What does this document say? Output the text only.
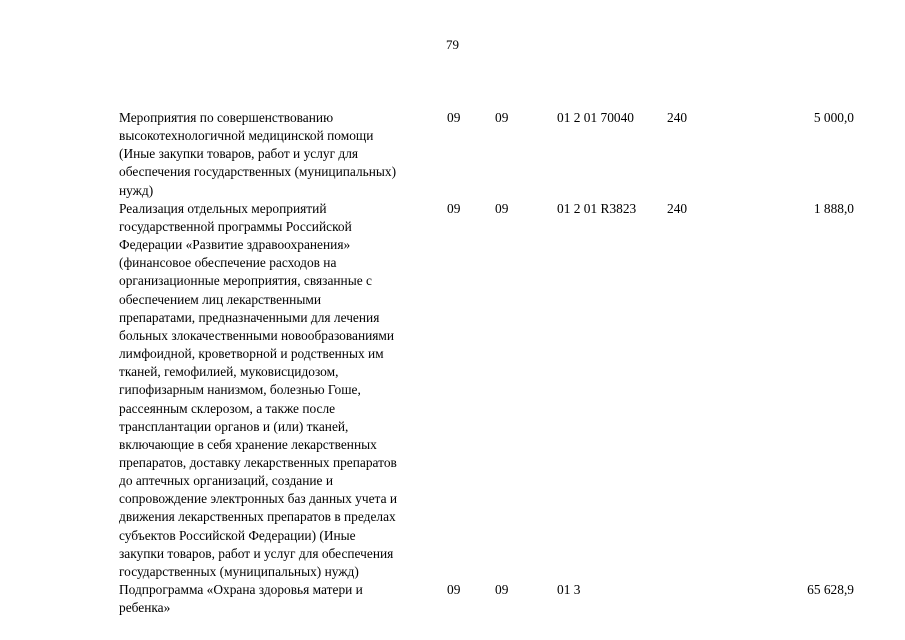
79
Мероприятия по совершенствованию
высокотехнологичной медицинской помощи
(Иные закупки товаров, работ и услуг для
обеспечения государственных (муниципальных)
нужд)
09	09	01 2 01 70040 240	5 000,0
Реализация отдельных мероприятий
государственной программы Российской
Федерации «Развитие здравоохранения»
(финансовое обеспечение расходов на
организационные мероприятия, связанные с
обеспечением лиц лекарственными
препаратами, предназначенными для лечения
больных злокачественными новообразованиями
лимфоидной, кроветворной и родственных им
тканей, гемофилией, муковисцидозом,
гипофизарным нанизмом, болезнью Гоше,
рассеянным склерозом, а также после
трансплантации органов и (или) тканей,
включающие в себя хранение лекарственных
препаратов, доставку лекарственных препаратов
до аптечных организаций, создание и
сопровождение электронных баз данных учета и
движения лекарственных препаратов в пределах
субъектов Российской Федерации) (Иные
закупки товаров, работ и услуг для обеспечения
государственных (муниципальных) нужд)
09	09	01 2 01 R3823 240	1 888,0
Подпрограмма «Охрана здоровья матери и
ребенка»
09	09	01 3	65 628,9
